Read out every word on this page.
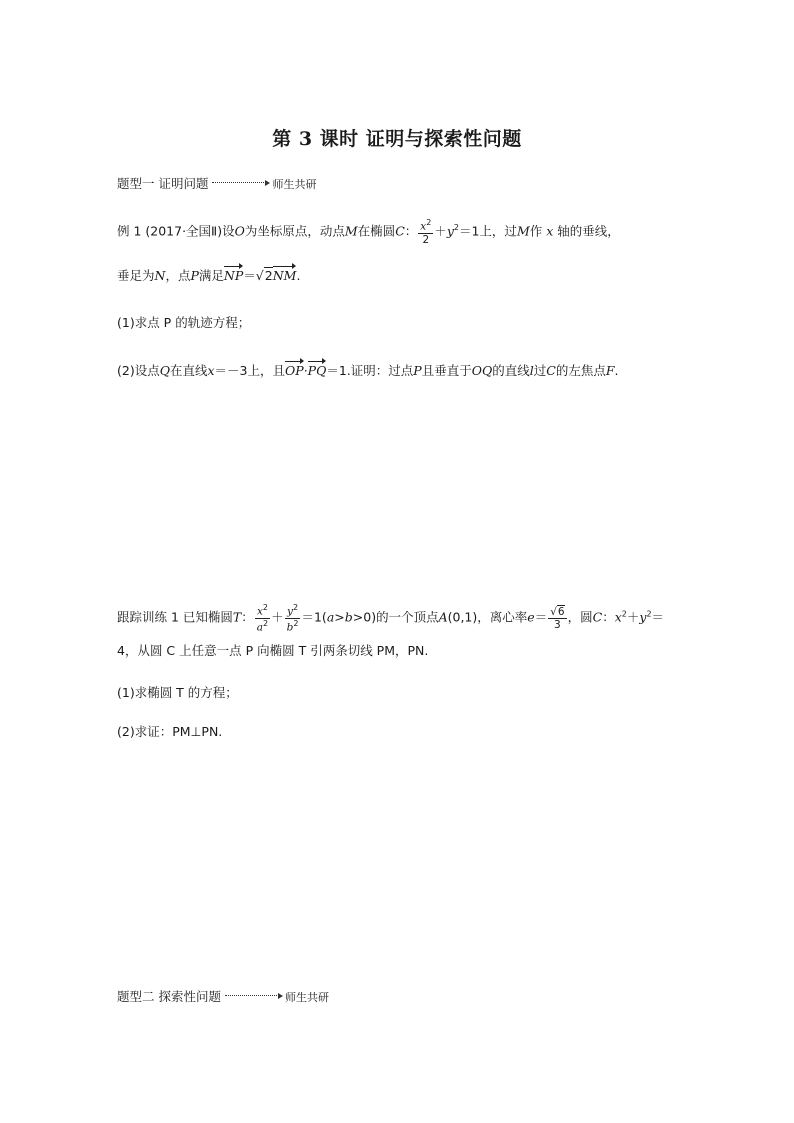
第 3 课时 证明与探索性问题
题型一 证明问题	师生共研
例 1 (2017·全国Ⅱ)设O为坐标原点，动点M在椭圆C： $\frac{x^2}{2} +y^2=1$上，过M作 x 轴的垂线，
垂足为N，点P满足NP＝√2NM.
(1)求点 P 的轨迹方程；
(2)设点Q在直线x＝－3上，且OP·PQ＝1.证明：过点P且垂直于OQ的直线l过C的左焦点F.
跟踪训练 1 已知椭圆T： $\frac{x^2}{a^2} + \frac{y^2}{b^2} =1(a>b>0)$的一个顶点A(0,1)，离心率$e= \frac{√6}{3}$ ，圆C：$x^2+y^2=$
4，从圆 C 上任意一点 P 向椭圆 T 引两条切线 PM，PN.
(1)求椭圆 T 的方程；
(2)求证：PM⊥PN.
题型二 探索性问题	师生共研
